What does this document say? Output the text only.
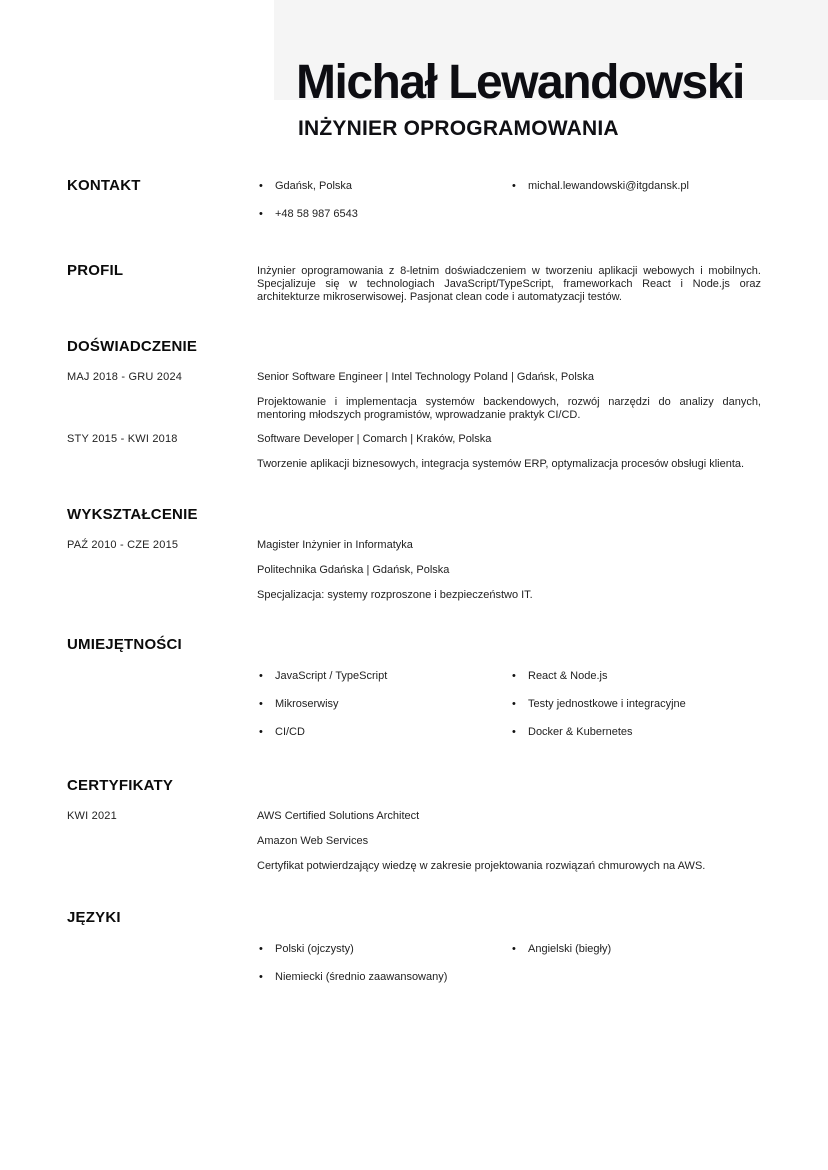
Michał Lewandowski
INŻYNIER OPROGRAMOWANIA
KONTAKT	• Gdańsk, Polska
• +48 58 987 6543
• michal.lewandowski@itgdansk.pl
PROFIL	Inżynier oprogramowania z 8-letnim doświadczeniem w tworzeniu aplikacji webowych i mobilnych. Specjalizuje się w technologiach JavaScript/TypeScript, frameworkach React i Node.js oraz architekturze mikroserwisowej. Pasjonat clean code i automatyzacji testów.
DOŚWIADCZENIE
MAJ 2018 - GRU 2024	Senior Software Engineer | Intel Technology Poland | Gdańsk, Polska
Projektowanie i implementacja systemów backendowych, rozwój narzędzi do analizy danych, mentoring młodszych programistów, wprowadzanie praktyk CI/CD.
STY 2015 - KWI 2018	Software Developer | Comarch | Kraków, Polska
Tworzenie aplikacji biznesowych, integracja systemów ERP, optymalizacja procesów obsługi klienta.
WYKSZTAŁCENIE
PAŹ 2010 - CZE 2015	Magister Inżynier in Informatyka
Politechnika Gdańska | Gdańsk, Polska
Specjalizacja: systemy rozproszone i bezpieczeństwo IT.
UMIEJĘTNOŚCI
• JavaScript / TypeScript
• Mikroserwisy
• CI/CD
• React & Node.js
• Testy jednostkowe i integracyjne
• Docker & Kubernetes
CERTYFIKATY
KWI 2021	AWS Certified Solutions Architect
Amazon Web Services
Certyfikat potwierdzający wiedzę w zakresie projektowania rozwiązań chmurowych na AWS.
JĘZYKI
• Polski (ojczysty)
• Niemiecki (średnio zaawansowany)
• Angielski (biegły)
